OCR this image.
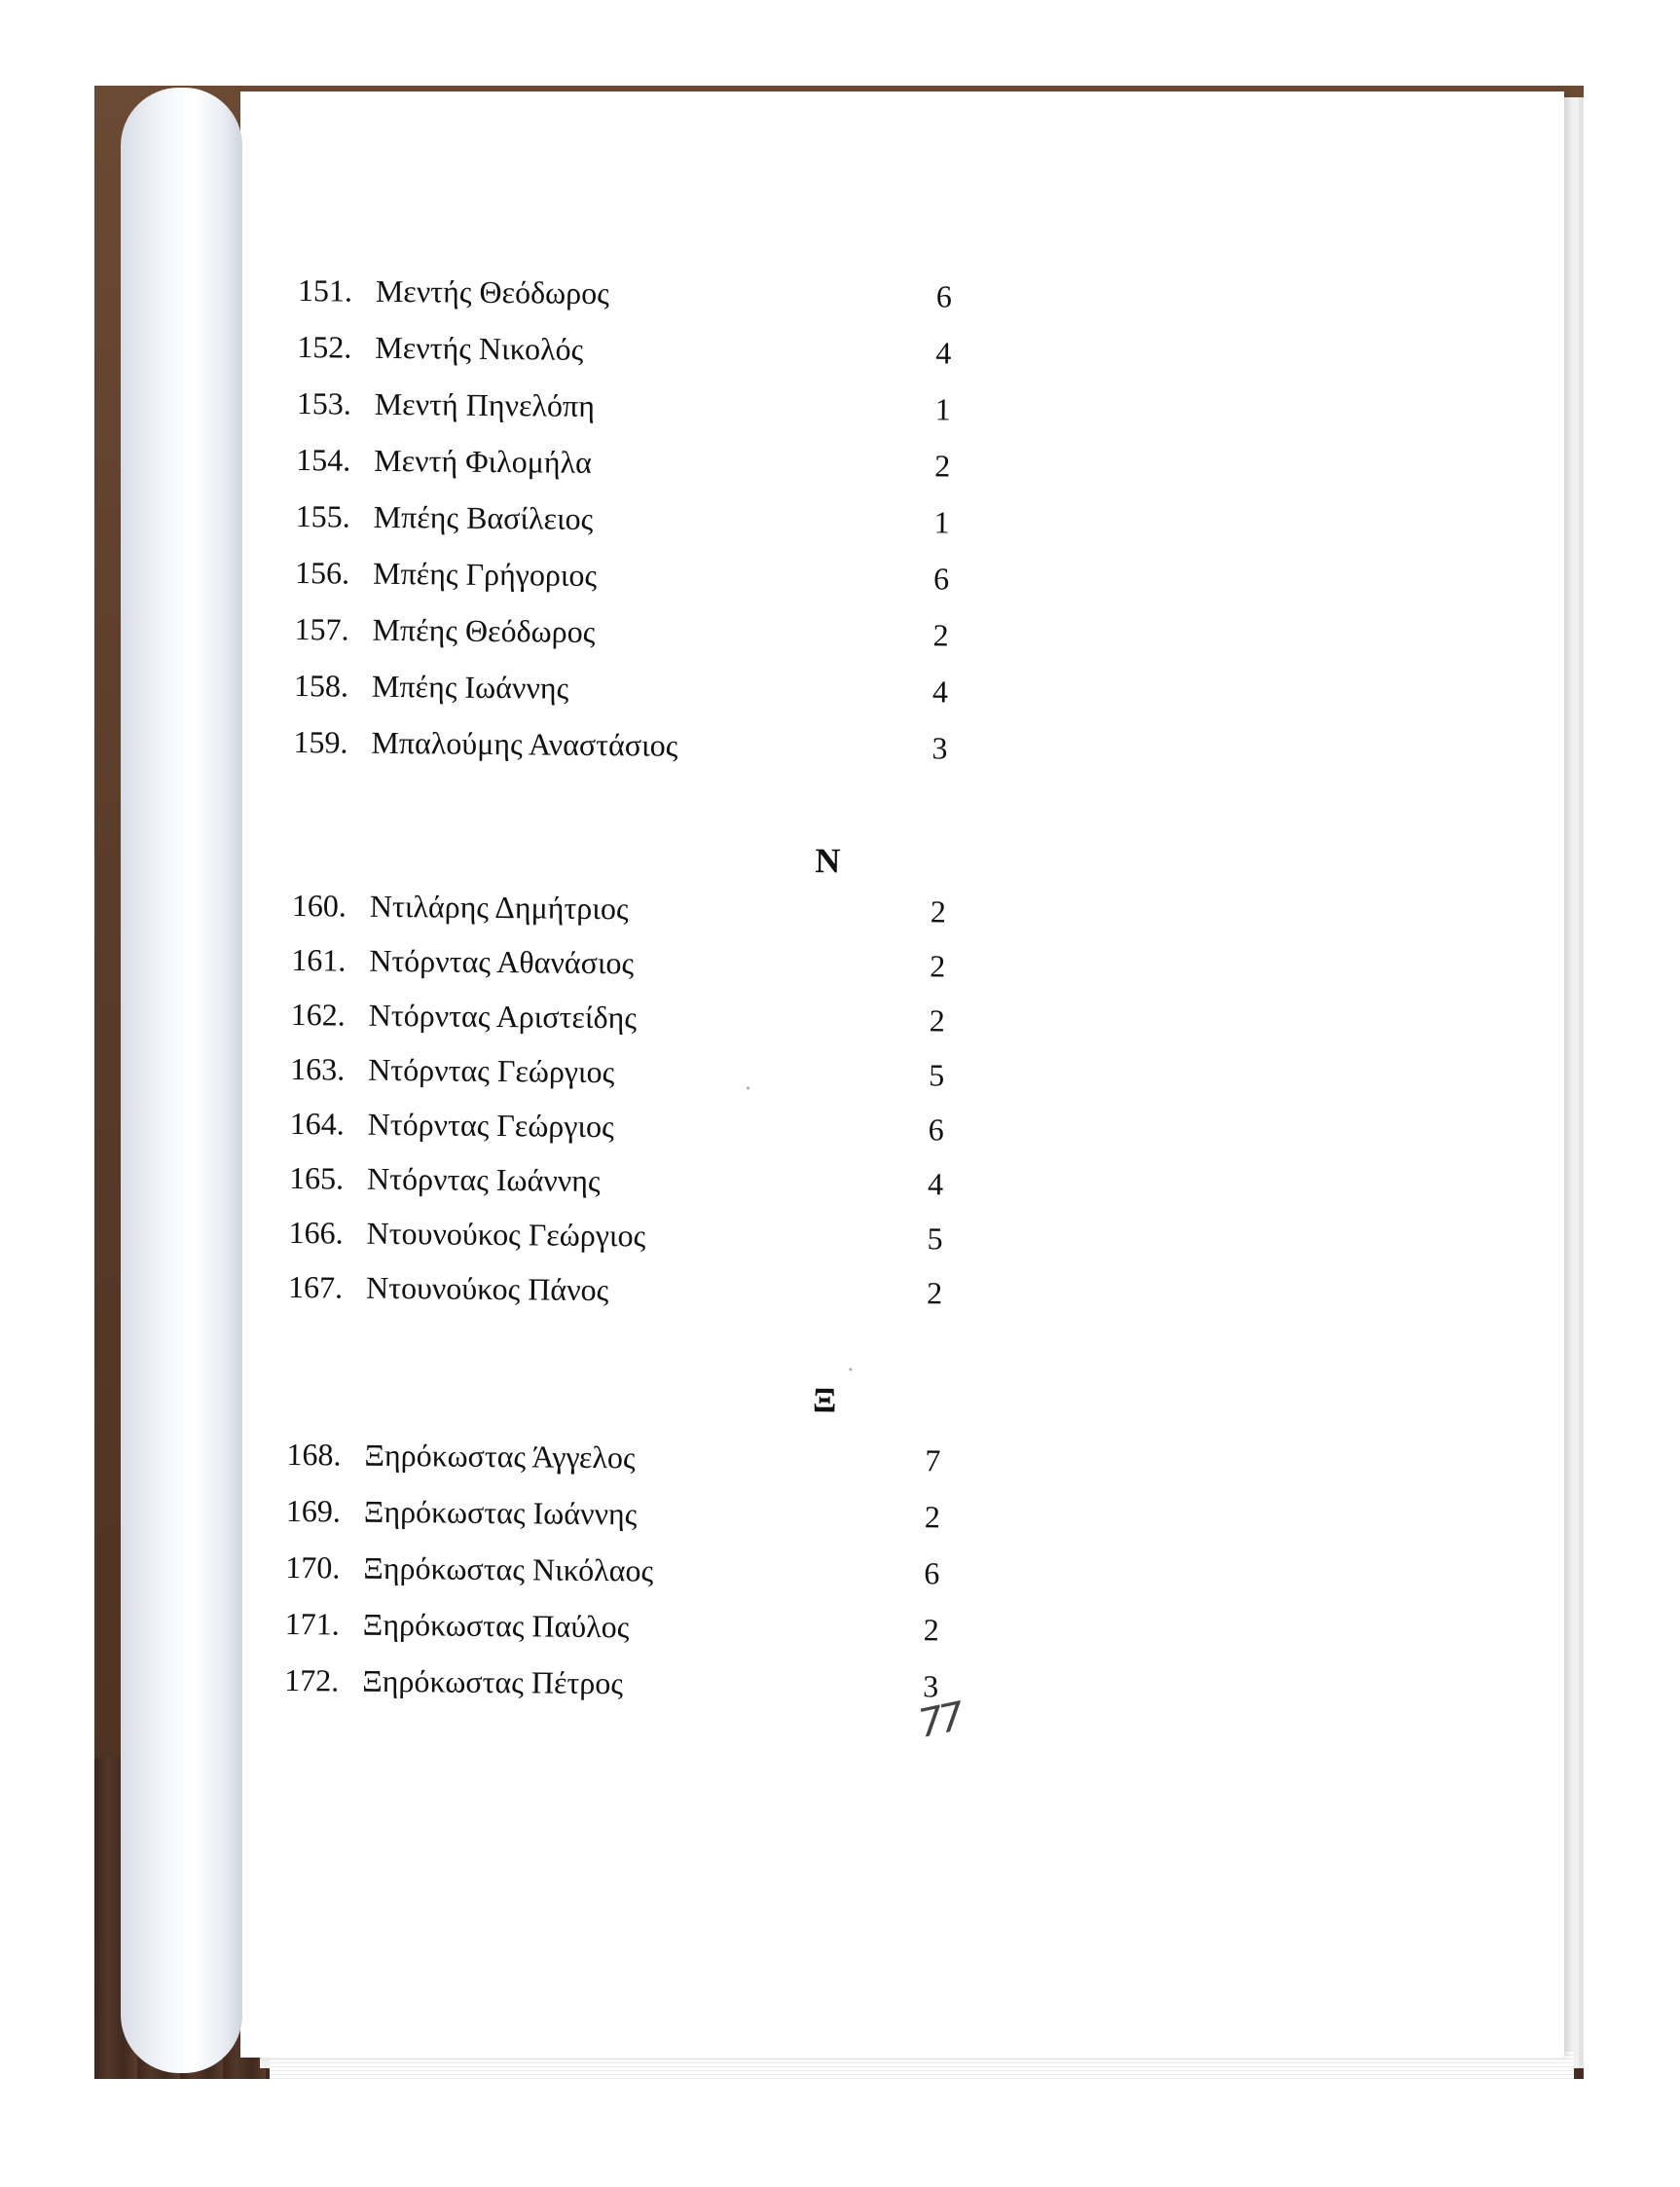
151. Μεντής Θεόδωρος	6
152. Μεντής Νικολός	4
153. Μεντή Πηνελόπη	1
154. Μεντή Φιλομήλα	2
155. Μπέης Βασίλειος	1
156. Μπέης Γρήγοριος	6
157. Μπέης Θεόδωρος	2
158. Μπέης Ιωάννης	4
159. Μπαλούμης Αναστάσιος	3
Ν
160. Ντιλάρης Δημήτριος	2
161. Ντόρντας Αθανάσιος	2
162. Ντόρντας Αριστείδης	2
163. Ντόρντας Γεώργιος	5
164. Ντόρντας Γεώργιος	6
165. Ντόρντας Ιωάννης	4
166. Ντουνούκος Γεώργιος	5
167. Ντουνούκος Πάνος	2
Ξ
168. Ξηρόκωστας Άγγελος	7
169. Ξηρόκωστας Ιωάννης	2
170. Ξηρόκωστας Νικόλαος	6
171. Ξηρόκωστας Παύλος	2
172. Ξηρόκωστας Πέτρος	3
77
